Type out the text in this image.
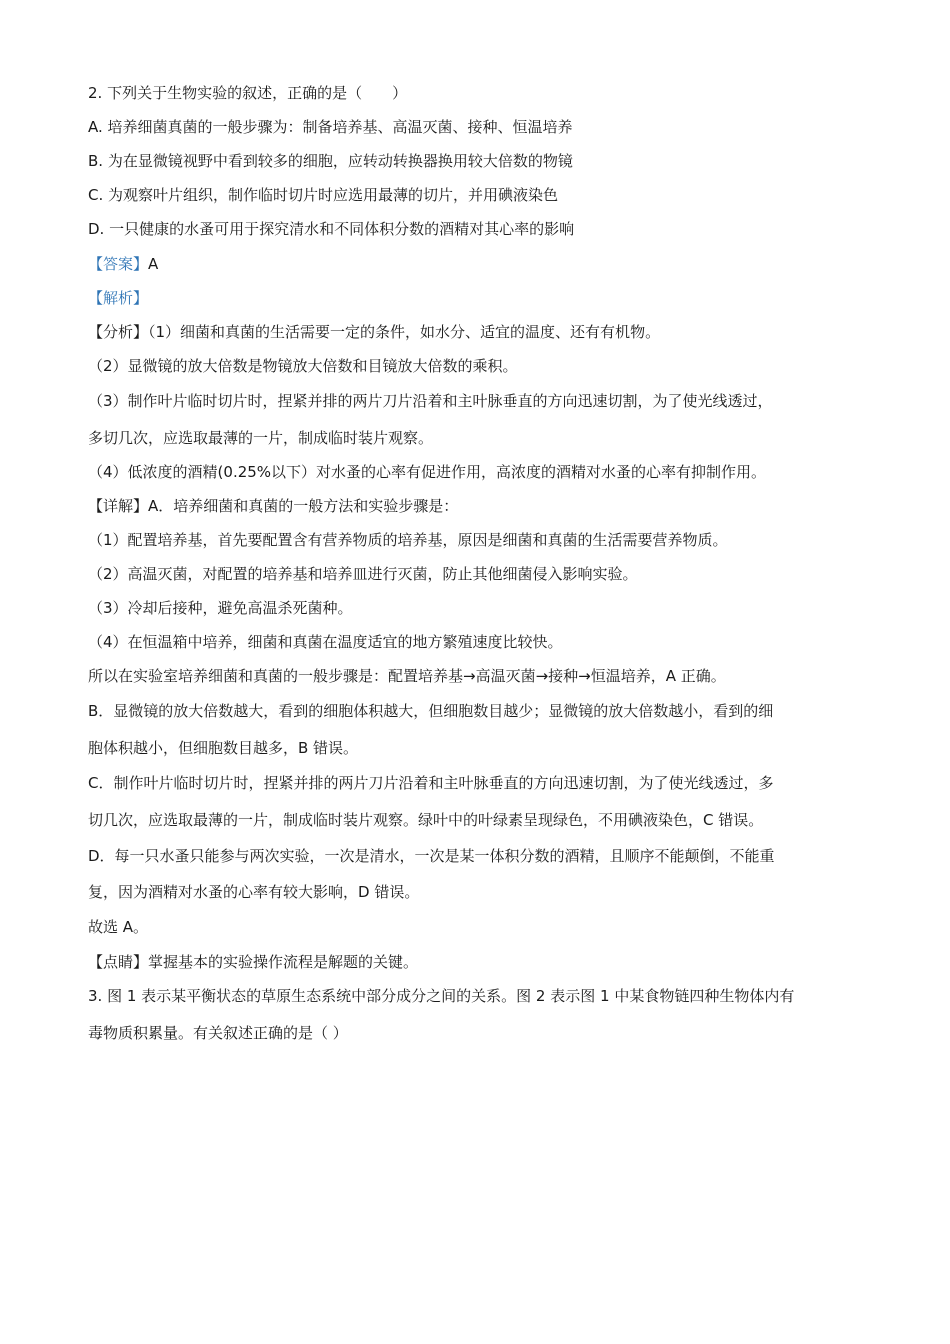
2. 下列关于生物实验的叙述，正确的是（　　）
A. 培养细菌真菌的一般步骤为：制备培养基、高温灭菌、接种、恒温培养
B. 为在显微镜视野中看到较多的细胞，应转动转换器换用较大倍数的物镜
C. 为观察叶片组织，制作临时切片时应选用最薄的切片，并用碘液染色
D. 一只健康的水蚤可用于探究清水和不同体积分数的酒精对其心率的影响
【答案】A
【解析】
【分析】（1）细菌和真菌的生活需要一定的条件，如水分、适宜的温度、还有有机物。
（2）显微镜的放大倍数是物镜放大倍数和目镜放大倍数的乘积。
（3）制作叶片临时切片时，捏紧并排的两片刀片沿着和主叶脉垂直的方向迅速切割，为了使光线透过，
多切几次，应选取最薄的一片，制成临时装片观察。
（4）低浓度的酒精(0.25%以下）对水蚤的心率有促进作用，高浓度的酒精对水蚤的心率有抑制作用。
【详解】A．培养细菌和真菌的一般方法和实验步骤是：
（1）配置培养基，首先要配置含有营养物质的培养基，原因是细菌和真菌的生活需要营养物质。
（2）高温灭菌，对配置的培养基和培养皿进行灭菌，防止其他细菌侵入影响实验。
（3）冷却后接种，避免高温杀死菌种。
（4）在恒温箱中培养，细菌和真菌在温度适宜的地方繁殖速度比较快。
所以在实验室培养细菌和真菌的一般步骤是：配置培养基→高温灭菌→接种→恒温培养，A 正确。
B．显微镜的放大倍数越大，看到的细胞体积越大，但细胞数目越少；显微镜的放大倍数越小，看到的细
胞体积越小，但细胞数目越多，B 错误。
C．制作叶片临时切片时，捏紧并排的两片刀片沿着和主叶脉垂直的方向迅速切割，为了使光线透过，多
切几次，应选取最薄的一片，制成临时装片观察。绿叶中的叶绿素呈现绿色，不用碘液染色，C 错误。
D．每一只水蚤只能参与两次实验，一次是清水，一次是某一体积分数的酒精，且顺序不能颠倒，不能重
复，因为酒精对水蚤的心率有较大影响，D 错误。
故选 A。
【点睛】掌握基本的实验操作流程是解题的关键。
3. 图 1 表示某平衡状态的草原生态系统中部分成分之间的关系。图 2 表示图 1 中某食物链四种生物体内有
毒物质积累量。有关叙述正确的是（ ）
